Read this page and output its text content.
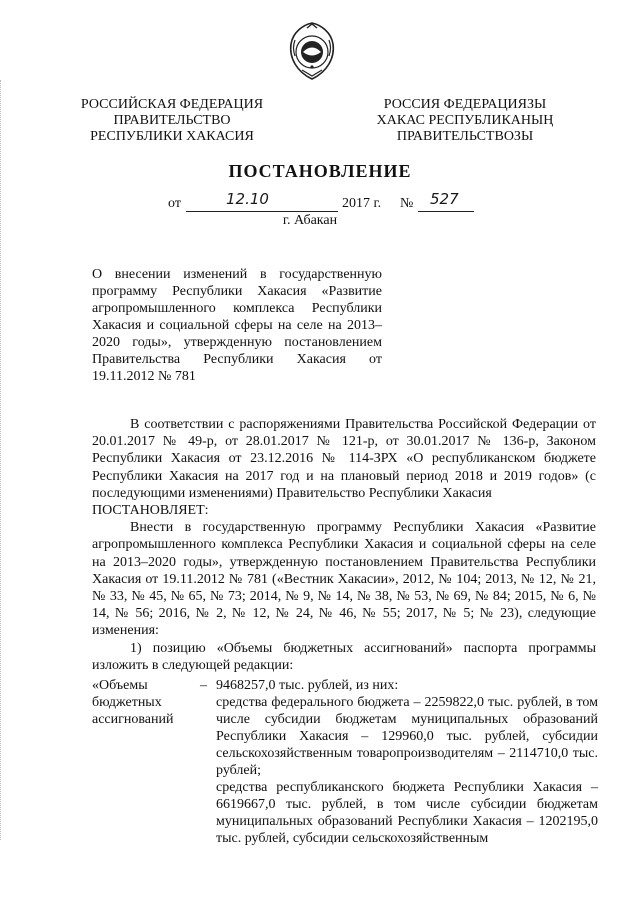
РОССИЙСКАЯ ФЕДЕРАЦИЯ
ПРАВИТЕЛЬСТВО
РЕСПУБЛИКИ ХАКАСИЯ
РОССИЯ ФЕДЕРАЦИЯЗЫ
ХАКАС РЕСПУБЛИКАНЫҢ
ПРАВИТЕЛЬСТВОЗЫ
ПОСТАНОВЛЕНИЕ
от	12.10	2017 г. № 527
г. Абакан

О внесении изменений в государственную

программу Республики Хакасия «Развитие

агропромышленного комплекса Республики

Хакасия и социальной сферы на селе на 2013–

2020 годы», утвержденную постановлением

Правительства Республики Хакасия от

19.11.2012 № 781

В соответствии с распоряжениями Правительства Российской Федерации от 20.01.2017 № 49-р, от 28.01.2017 № 121-р, от 30.01.2017 № 136-р, Законом Республики Хакасия от 23.12.2016 № 114-ЗРХ «О республиканском бюджете Республики Хакасия на 2017 год и на плановый период 2018 и 2019 годов» (с последующими изменениями) Правительство Республики Хакасия

ПОСТАНОВЛЯЕТ:

Внести в государственную программу Республики Хакасия «Развитие агропромышленного комплекса Республики Хакасия и социальной сферы на селе на 2013–2020 годы», утвержденную постановлением Правительства Республики Хакасия от 19.11.2012 № 781 («Вестник Хакасии», 2012, № 104; 2013, № 12, № 21, № 33, № 45, № 65, № 73; 2014, № 9, № 14, № 38, № 53, № 69, № 84; 2015, № 6, № 14, № 56; 2016, № 2, № 12, № 24, № 46, № 55; 2017, № 5; № 23), следующие изменения:

1) позицию «Объемы бюджетных ассигнований» паспорта программы изложить в следующей редакции:

«Объемы
бюджетных
ассигнований
– 9468257,0 тыс. рублей, из них:

средства федерального бюджета – 2259822,0 тыс. рублей, в том числе субсидии бюджетам муниципальных образований Республики Хакасия – 129960,0 тыс. рублей, субсидии сельскохозяйственным товаропроизводителям – 2114710,0 тыс. рублей;

средства республиканского бюджета Республики Хакасия – 6619667,0 тыс. рублей, в том числе субсидии бюджетам муниципальных образований Республики Хакасия – 1202195,0 тыс. рублей, субсидии сельскохозяйственным
